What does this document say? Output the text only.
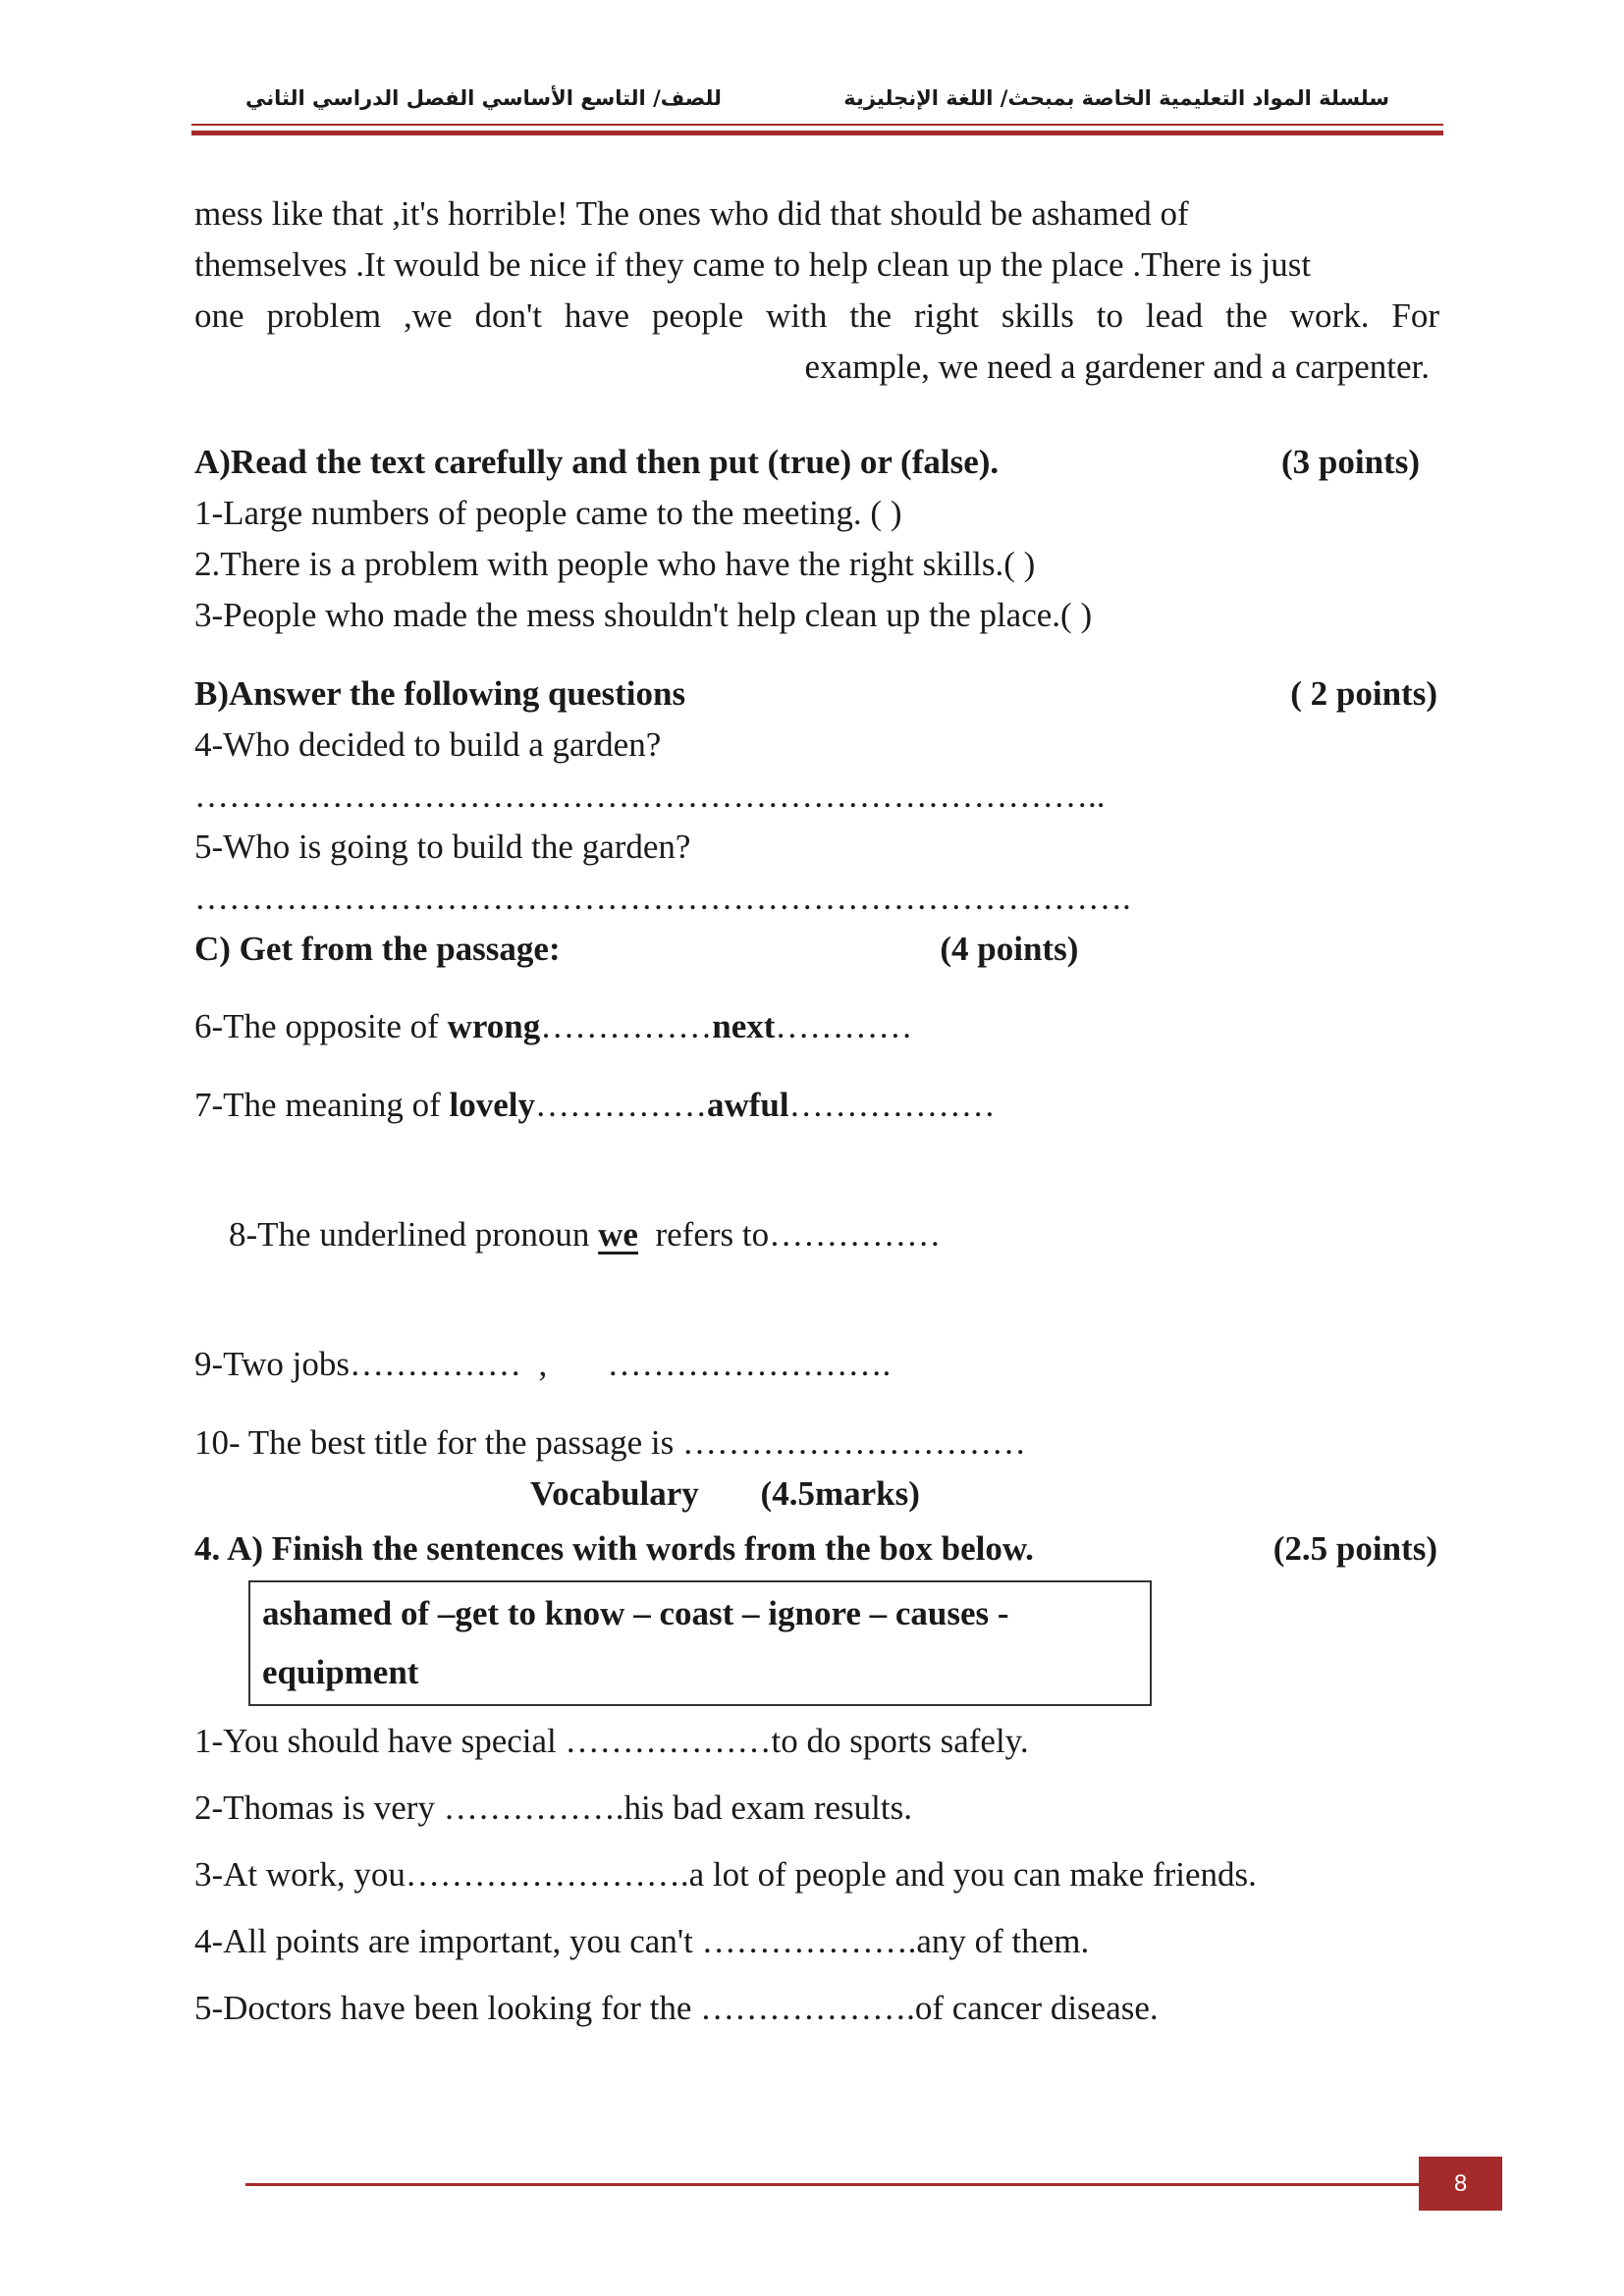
سلسلة المواد التعليمية الخاصة بمبحث/ اللغة الإنجليزية
للصف/ التاسع الأساسي الفصل الدراسي الثاني

mess like that ,it's horrible! The ones who did that should be ashamed of

themselves .It would be nice if they came to help clean up the place .There is just

one problem ,we don't have people with the right skills to lead the work. For

example, we need a gardener and a carpenter.

A)Read the text carefully and then put (true) or (false).	(3 points)
1-Large numbers of people came to the meeting. ( )
2.There is a problem with people who have the right skills.( )
3-People who made the mess shouldn't help clean up the place.( )
B)Answer the following questions	( 2 points)
4-Who decided to build a garden?
……………………………………………………………………..
5-Who is going to build the garden?
……………………………………………………………………….
C) Get from the passage:	(4 points)
6-The opposite of wrong……………next…………
7-The meaning of lovely……………awful………………

8-The underlined pronoun we  refers to……………

9-Two jobs……………  ,       …………………….
10- The best title for the passage is …………………………
Vocabulary (4.5marks)
4. A) Finish the sentences with words from the box below.	(2.5 points)
ashamed of –get to know – coast – ignore – causes - equipment
1-You should have special ………………to do sports safely.
2-Thomas is very …………….his bad exam results.
3-At work, you…………………….a lot of people and you can make friends.
4-All points are important, you can't ……………….any of them.
5-Doctors have been looking for the ……………….of cancer disease.
8
